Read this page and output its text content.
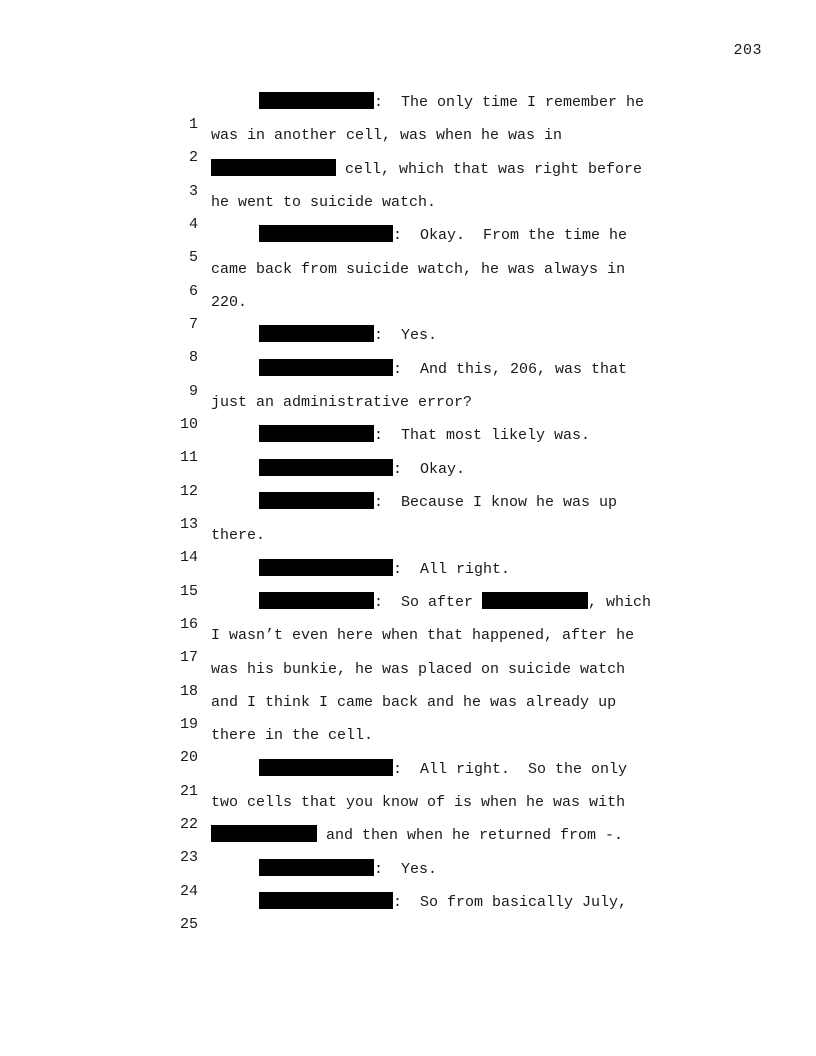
203

1

:  The only time I remember he

2

was in another cell, was when he was in

3

cell, which that was right before

4

he went to suicide watch.

5

:  Okay.  From the time he

6

came back from suicide watch, he was always in

7

220.

8

:  Yes.

9

:  And this, 206, was that

10

just an administrative error?

11

:  That most likely was.

12

:  Okay.

13

:  Because I know he was up

14

there.

15

:  All right.

16

:  So after	, which

17

I wasn’t even here when that happened, after he

18

was his bunkie, he was placed on suicide watch

19

and I think I came back and he was already up

20

there in the cell.

21

:  All right.  So the only

22

two cells that you know of is when he was with

23

and then when he returned from -.

24

:  Yes.

25

:  So from basically July,
